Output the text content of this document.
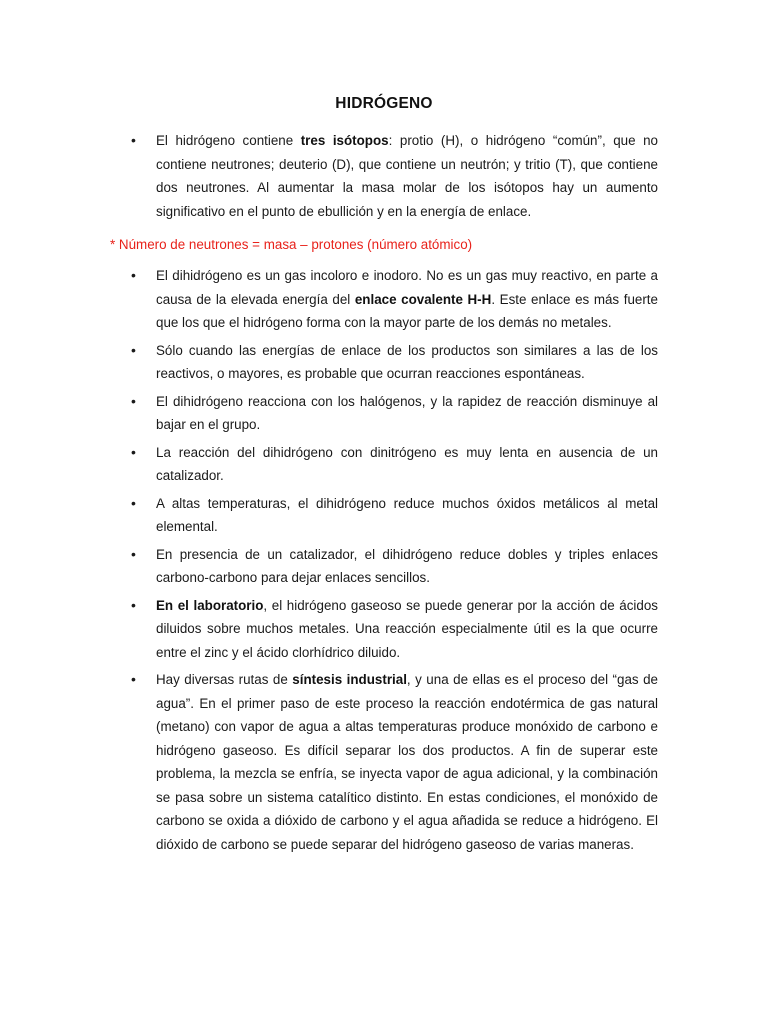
HIDRÓGENO
• El hidrógeno contiene tres isótopos: protio (H), o hidrógeno “común”, que no contiene neutrones; deuterio (D), que contiene un neutrón; y tritio (T), que contiene dos neutrones. Al aumentar la masa molar de los isótopos hay un aumento significativo en el punto de ebullición y en la energía de enlace.
* Número de neutrones = masa – protones (número atómico)
• El dihidrógeno es un gas incoloro e inodoro. No es un gas muy reactivo, en parte a causa de la elevada energía del enlace covalente H-H. Este enlace es más fuerte que los que el hidrógeno forma con la mayor parte de los demás no metales.
• Sólo cuando las energías de enlace de los productos son similares a las de los reactivos, o mayores, es probable que ocurran reacciones espontáneas.
• El dihidrógeno reacciona con los halógenos, y la rapidez de reacción disminuye al bajar en el grupo.
• La reacción del dihidrógeno con dinitrógeno es muy lenta en ausencia de un catalizador.
• A altas temperaturas, el dihidrógeno reduce muchos óxidos metálicos al metal elemental.
• En presencia de un catalizador, el dihidrógeno reduce dobles y triples enlaces carbono-carbono para dejar enlaces sencillos.
• En el laboratorio, el hidrógeno gaseoso se puede generar por la acción de ácidos diluidos sobre muchos metales. Una reacción especialmente útil es la que ocurre entre el zinc y el ácido clorhídrico diluido.
• Hay diversas rutas de síntesis industrial, y una de ellas es el proceso del “gas de agua”. En el primer paso de este proceso la reacción endotérmica de gas natural (metano) con vapor de agua a altas temperaturas produce monóxido de carbono e hidrógeno gaseoso. Es difícil separar los dos productos. A fin de superar este problema, la mezcla se enfría, se inyecta vapor de agua adicional, y la combinación se pasa sobre un sistema catalítico distinto. En estas condiciones, el monóxido de carbono se oxida a dióxido de carbono y el agua añadida se reduce a hidrógeno. El dióxido de carbono se puede separar del hidrógeno gaseoso de varias maneras.
